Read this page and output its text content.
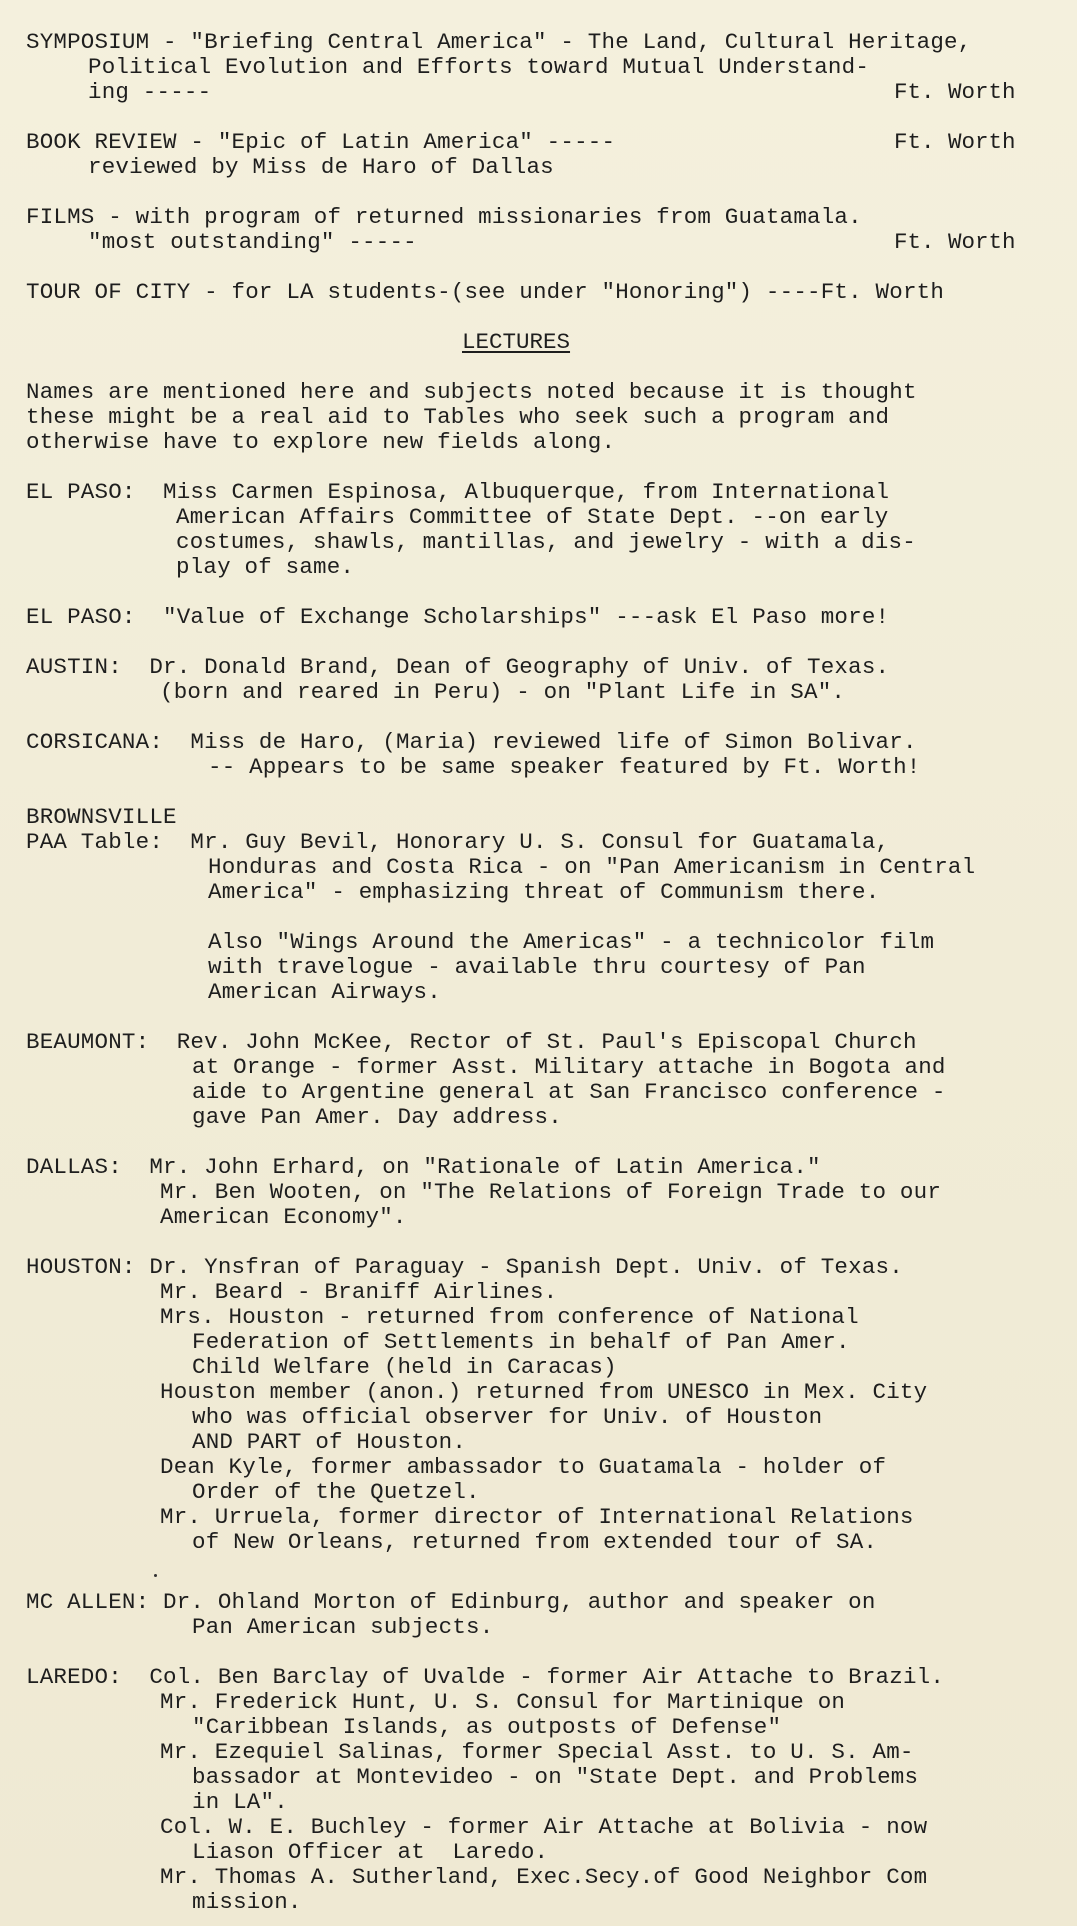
LECTURES
SYMPOSIUM - "Briefing Central America" - The Land, Cultural Heritage,
Political Evolution and Efforts toward Mutual Understand-
ing -----
BOOK REVIEW - "Epic of Latin America" -----
reviewed by Miss de Haro of Dallas
FILMS - with program of returned missionaries from Guatamala.
"most outstanding" -----
TOUR OF CITY - for LA students-(see under "Honoring") ----Ft. Worth
Names are mentioned here and subjects noted because it is thought
these might be a real aid to Tables who seek such a program and
otherwise have to explore new fields along.
EL PASO:  Miss Carmen Espinosa, Albuquerque, from International
American Affairs Committee of State Dept. --on early
costumes, shawls, mantillas, and jewelry - with a dis-
play of same.
EL PASO:  "Value of Exchange Scholarships" ---ask El Paso more!
AUSTIN:  Dr. Donald Brand, Dean of Geography of Univ. of Texas.
(born and reared in Peru) - on "Plant Life in SA".
CORSICANA:  Miss de Haro, (Maria) reviewed life of Simon Bolivar.
-- Appears to be same speaker featured by Ft. Worth!
BROWNSVILLE
PAA Table:  Mr. Guy Bevil, Honorary U. S. Consul for Guatamala,
Honduras and Costa Rica - on "Pan Americanism in Central
America" - emphasizing threat of Communism there.
Also "Wings Around the Americas" - a technicolor film
with travelogue - available thru courtesy of Pan
American Airways.
BEAUMONT:  Rev. John McKee, Rector of St. Paul's Episcopal Church
at Orange - former Asst. Military attache in Bogota and
aide to Argentine general at San Francisco conference -
gave Pan Amer. Day address.
DALLAS:  Mr. John Erhard, on "Rationale of Latin America."
Mr. Ben Wooten, on "The Relations of Foreign Trade to our
American Economy".
HOUSTON: Dr. Ynsfran of Paraguay - Spanish Dept. Univ. of Texas.
Mr. Beard - Braniff Airlines.
Mrs. Houston - returned from conference of National
Federation of Settlements in behalf of Pan Amer.
Child Welfare (held in Caracas)
Houston member (anon.) returned from UNESCO in Mex. City
who was official observer for Univ. of Houston
AND PART of Houston.
Dean Kyle, former ambassador to Guatamala - holder of
Order of the Quetzel.
Mr. Urruela, former director of International Relations
of New Orleans, returned from extended tour of SA.
MC ALLEN: Dr. Ohland Morton of Edinburg, author and speaker on
Pan American subjects.
LAREDO:  Col. Ben Barclay of Uvalde - former Air Attache to Brazil.
Mr. Frederick Hunt, U. S. Consul for Martinique on
"Caribbean Islands, as outposts of Defense"
Mr. Ezequiel Salinas, former Special Asst. to U. S. Am-
bassador at Montevideo - on "State Dept. and Problems
in LA".
Col. W. E. Buchley - former Air Attache at Bolivia - now
Liason Officer at  Laredo.
Mr. Thomas A. Sutherland, Exec.Secy.of Good Neighbor Com
mission.
Ft. Worth
Ft. Worth
Ft. Worth
